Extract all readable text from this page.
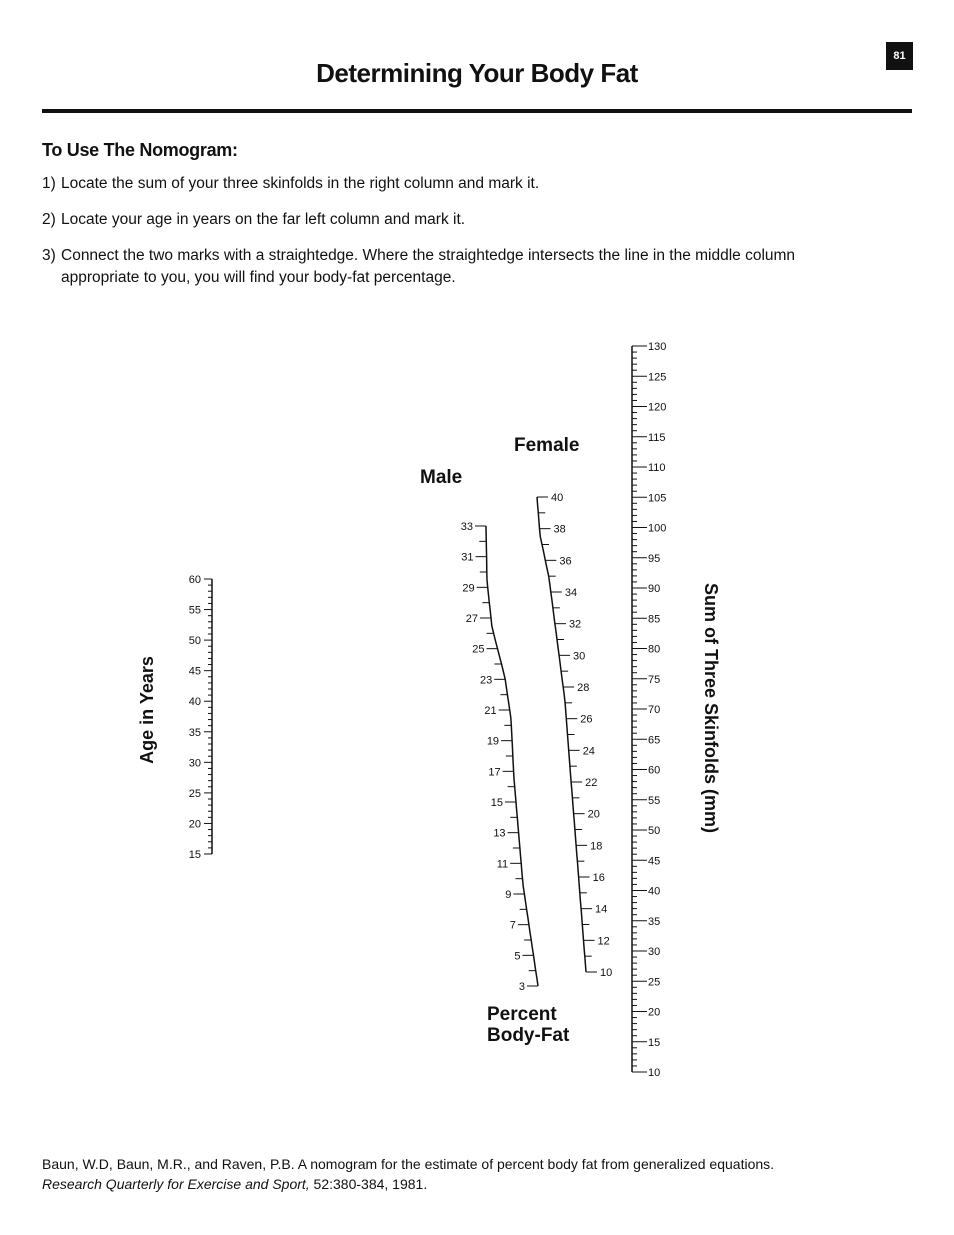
81
Determining Your Body Fat
To Use The Nomogram:

1) Locate the sum of your three skinfolds in the right column and mark it.

2) Locate your age in years on the far left column and mark it.

3) Connect the two marks with a straightedge. Where the straightedge intersects the line in the middle column
appropriate to you, you will find your body-fat percentage.

15
20
25
30
35
40
45
50
55
60
3
5
7
9
11
13
15
17
19
21
23
25
27
29
31
33
10
12
14
16
18
20
22
24
26
28
30
32
34
36
38
40
10
15
20
25
30
35
40
45
50
55
60
65
70
75
80
85
90
95
100
105
110
115
120
125
130
Age in Years
Male
Female
Percent
Body-Fat
Sum of Three Skinfolds (mm)

Baun, W.D, Baun, M.R., and Raven, P.B. A nomogram for the estimate of percent body fat from generalized equations.
Research Quarterly for Exercise and Sport, 52:380-384, 1981.
